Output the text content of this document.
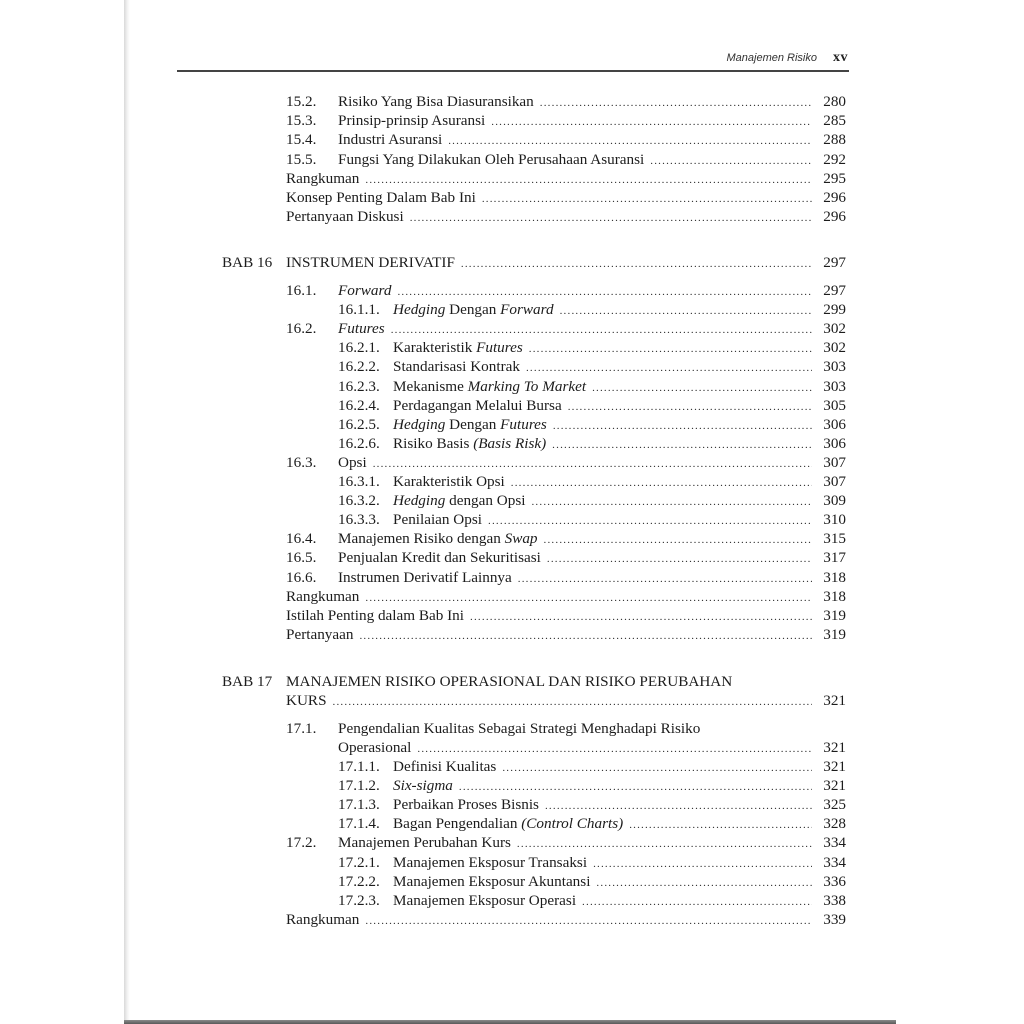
Manajemen Risiko xv
15.2.	Risiko Yang Bisa Diasuransikan .....	280
15.3.	Prinsip-prinsip Asuransi .....	285
15.4.	Industri Asuransi .....	288
15.5.	Fungsi Yang Dilakukan Oleh Perusahaan Asuransi .....	292
Rangkuman .....	295
Konsep Penting Dalam Bab Ini .....	296
Pertanyaan Diskusi .....	296
BAB 16 INSTRUMEN DERIVATIF .....	297
16.1.	Forward .....	297
16.1.1. Hedging Dengan Forward .....	299
16.2.	Futures .....	302
16.2.1. Karakteristik Futures .....	302
16.2.2. Standarisasi Kontrak .....	303
16.2.3. Mekanisme Marking To Market .....	303
16.2.4. Perdagangan Melalui Bursa .....	305
16.2.5. Hedging Dengan Futures .....	306
16.2.6. Risiko Basis (Basis Risk) .....	306
16.3.	Opsi .....	307
16.3.1. Karakteristik Opsi .....	307
16.3.2. Hedging dengan Opsi .....	309
16.3.3. Penilaian Opsi .....	310
16.4.	Manajemen Risiko dengan Swap .....	315
16.5.	Penjualan Kredit dan Sekuritisasi .....	317
16.6.	Instrumen Derivatif Lainnya .....	318
Rangkuman .....	318
Istilah Penting dalam Bab Ini .....	319
Pertanyaan .....	319
BAB 17 MANAJEMEN RISIKO OPERASIONAL DAN RISIKO PERUBAHAN
KURS .....	321
17.1. Pengendalian Kualitas Sebagai Strategi Menghadapi Risiko
Operasional .....	321
17.1.1. Definisi Kualitas .....	321
17.1.2. Six-sigma .....	321
17.1.3. Perbaikan Proses Bisnis .....	325
17.1.4. Bagan Pengendalian (Control Charts) .....	328
17.2.	Manajemen Perubahan Kurs .....	334
17.2.1. Manajemen Eksposur Transaksi .....	334
17.2.2. Manajemen Eksposur Akuntansi .....	336
17.2.3. Manajemen Eksposur Operasi .....	338
Rangkuman .....	339
